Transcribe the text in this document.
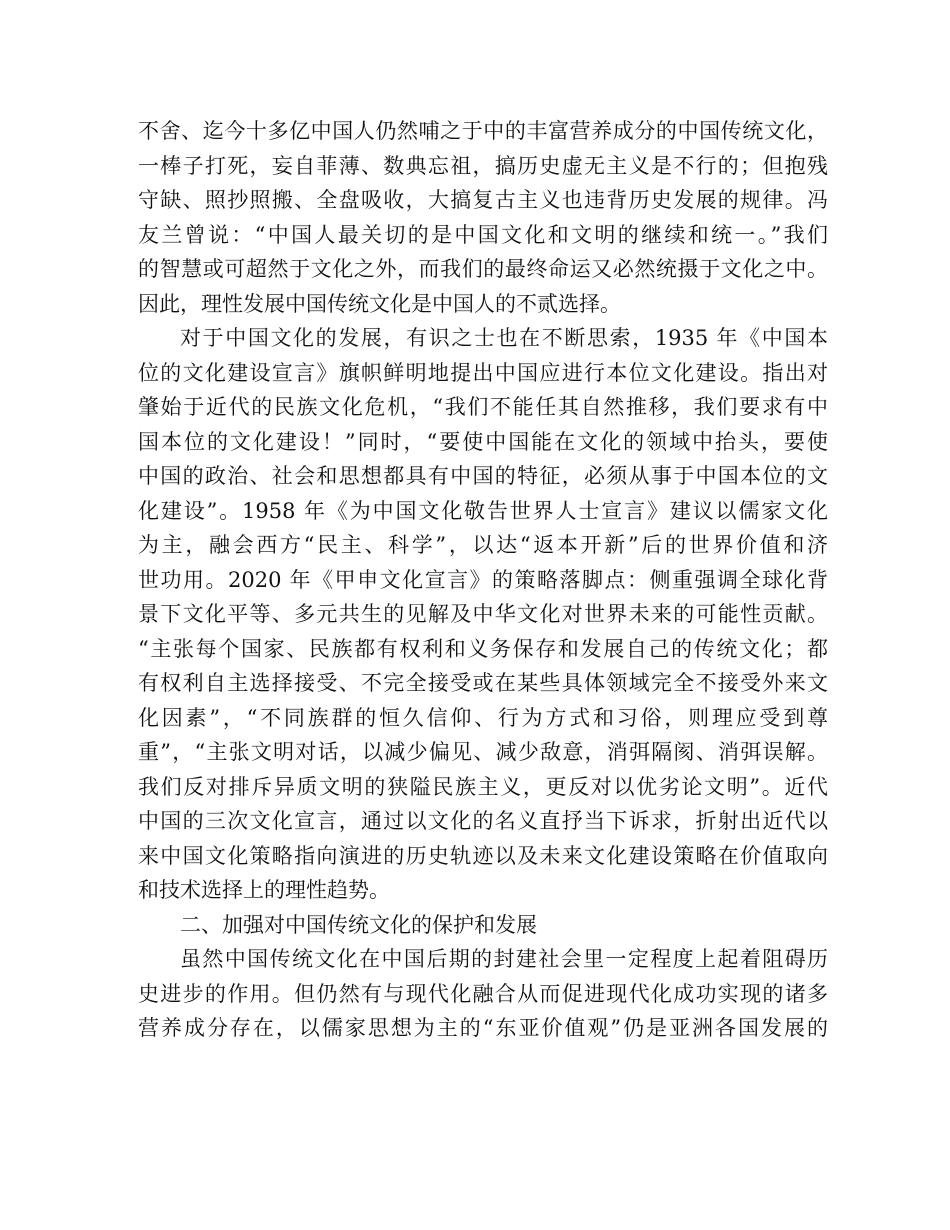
不舍、迄今十多亿中国人仍然哺之于中的丰富营养成分的中国传统文化，
一棒子打死，妄自菲薄、数典忘祖，搞历史虚无主义是不行的；但抱残
守缺、照抄照搬、全盘吸收，大搞复古主义也违背历史发展的规律。冯
友兰曾说：“中国人最关切的是中国文化和文明的继续和统一。”我们
的智慧或可超然于文化之外，而我们的最终命运又必然统摄于文化之中。
因此，理性发展中国传统文化是中国人的不贰选择。
对于中国文化的发展，有识之士也在不断思索，1935 年《中国本
位的文化建设宣言》旗帜鲜明地提出中国应进行本位文化建设。指出对
肇始于近代的民族文化危机，“我们不能任其自然推移，我们要求有中
国本位的文化建设！”同时，“要使中国能在文化的领域中抬头，要使
中国的政治、社会和思想都具有中国的特征，必须从事于中国本位的文
化建设”。1958 年《为中国文化敬告世界人士宣言》建议以儒家文化
为主，融会西方“民主、科学”，以达“返本开新”后的世界价值和济
世功用。2020 年《甲申文化宣言》的策略落脚点：侧重强调全球化背
景下文化平等、多元共生的见解及中华文化对世界未来的可能性贡献。
“主张每个国家、民族都有权利和义务保存和发展自己的传统文化；都
有权利自主选择接受、不完全接受或在某些具体领域完全不接受外来文
化因素”，“不同族群的恒久信仰、行为方式和习俗，则理应受到尊
重”，“主张文明对话，以减少偏见、减少敌意，消弭隔阂、消弭误解。
我们反对排斥异质文明的狭隘民族主义，更反对以优劣论文明”。近代
中国的三次文化宣言，通过以文化的名义直抒当下诉求，折射出近代以
来中国文化策略指向演进的历史轨迹以及未来文化建设策略在价值取向
和技术选择上的理性趋势。
二、加强对中国传统文化的保护和发展
虽然中国传统文化在中国后期的封建社会里一定程度上起着阻碍历
史进步的作用。但仍然有与现代化融合从而促进现代化成功实现的诸多
营养成分存在，以儒家思想为主的“东亚价值观”仍是亚洲各国发展的
